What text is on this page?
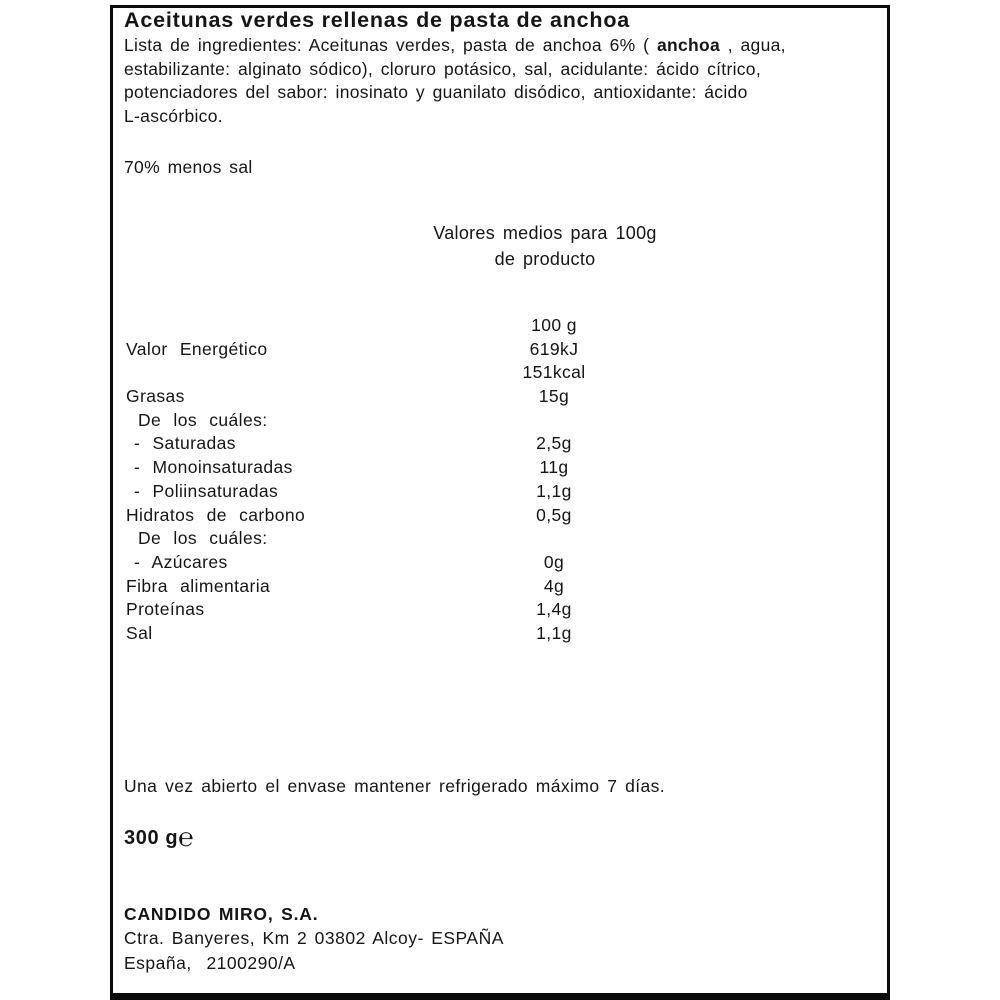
Aceitunas verdes rellenas de pasta de anchoa
Lista de ingredientes: Aceitunas verdes, pasta de anchoa 6% ( anchoa , agua,
estabilizante: alginato sódico), cloruro potásico, sal, acidulante: ácido cítrico,
potenciadores del sabor: inosinato y guanilato disódico, antioxidante: ácido
L-ascórbico.
70% menos sal
Valores medios para 100g
de producto
100 g
Valor Energético	619kJ
151kcal
Grasas	15g
De los cuáles:
- Saturadas	2,5g
- Monoinsaturadas	11g
- Poliinsaturadas	1,1g
Hidratos de carbono	0,5g
De los cuáles:
- Azúcares	0g
Fibra alimentaria	4g
Proteínas	1,4g
Sal	1,1g
Una vez abierto el envase mantener refrigerado máximo 7 días.
300 g℮
CANDIDO MIRO, S.A.
Ctra. Banyeres, Km 2 03802 Alcoy- ESPAÑA
España,  2100290/A
